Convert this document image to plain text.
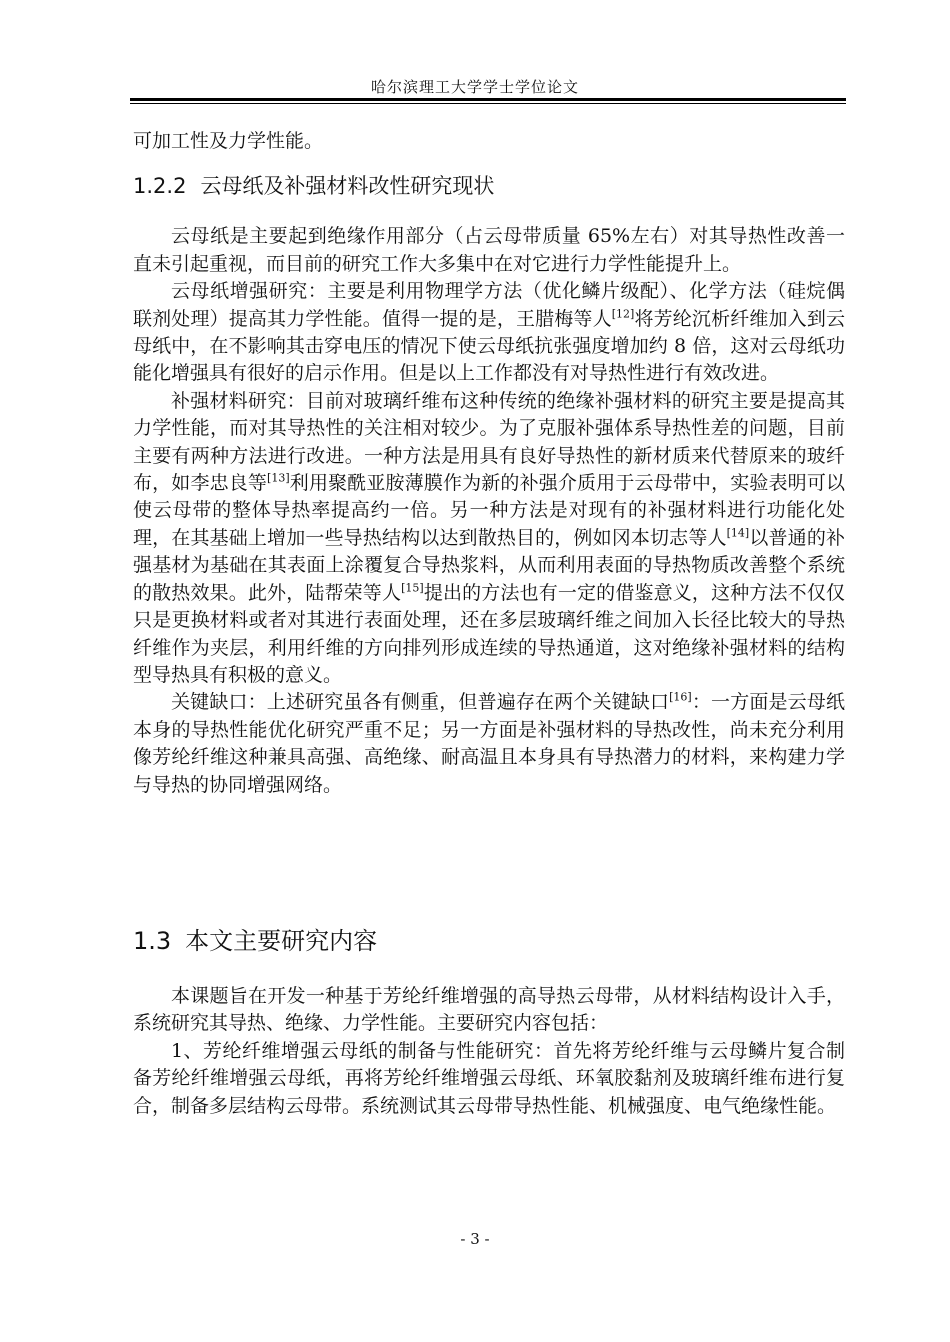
哈尔滨理工大学学士学位论文

可加工性及力学性能。

1.2.2 云母纸及补强材料改性研究现状

云母纸是主要起到绝缘作用部分（占云母带质量 65%左右）对其导热性改善一直未引起重视，而目前的研究工作大多集中在对它进行力学性能提升上。

云母纸增强研究：主要是利用物理学方法（优化鳞片级配）、化学方法（硅烷偶联剂处理）提高其力学性能。值得一提的是，王腊梅等人[12]将芳纶沉析纤维加入到云母纸中，在不影响其击穿电压的情况下使云母纸抗张强度增加约 8 倍，这对云母纸功能化增强具有很好的启示作用。但是以上工作都没有对导热性进行有效改进。

补强材料研究：目前对玻璃纤维布这种传统的绝缘补强材料的研究主要是提高其力学性能，而对其导热性的关注相对较少。为了克服补强体系导热性差的问题，目前主要有两种方法进行改进。一种方法是用具有良好导热性的新材质来代替原来的玻纤布，如李忠良等[13]利用聚酰亚胺薄膜作为新的补强介质用于云母带中，实验表明可以使云母带的整体导热率提高约一倍。另一种方法是对现有的补强材料进行功能化处理，在其基础上增加一些导热结构以达到散热目的，例如冈本切志等人[14]以普通的补强基材为基础在其表面上涂覆复合导热浆料，从而利用表面的导热物质改善整个系统的散热效果。此外，陆帮荣等人[15]提出的方法也有一定的借鉴意义，这种方法不仅仅只是更换材料或者对其进行表面处理，还在多层玻璃纤维之间加入长径比较大的导热纤维作为夹层，利用纤维的方向排列形成连续的导热通道，这对绝缘补强材料的结构型导热具有积极的意义。

关键缺口：上述研究虽各有侧重，但普遍存在两个关键缺口[16]：一方面是云母纸本身的导热性能优化研究严重不足；另一方面是补强材料的导热改性，尚未充分利用像芳纶纤维这种兼具高强、高绝缘、耐高温且本身具有导热潜力的材料，来构建力学与导热的协同增强网络。

1.3 本文主要研究内容

本课题旨在开发一种基于芳纶纤维增强的高导热云母带，从材料结构设计入手，系统研究其导热、绝缘、力学性能。主要研究内容包括：

1、芳纶纤维增强云母纸的制备与性能研究：首先将芳纶纤维与云母鳞片复合制备芳纶纤维增强云母纸，再将芳纶纤维增强云母纸、环氧胶黏剂及玻璃纤维布进行复合，制备多层结构云母带。系统测试其云母带导热性能、机械强度、电气绝缘性能。

- 3 -
